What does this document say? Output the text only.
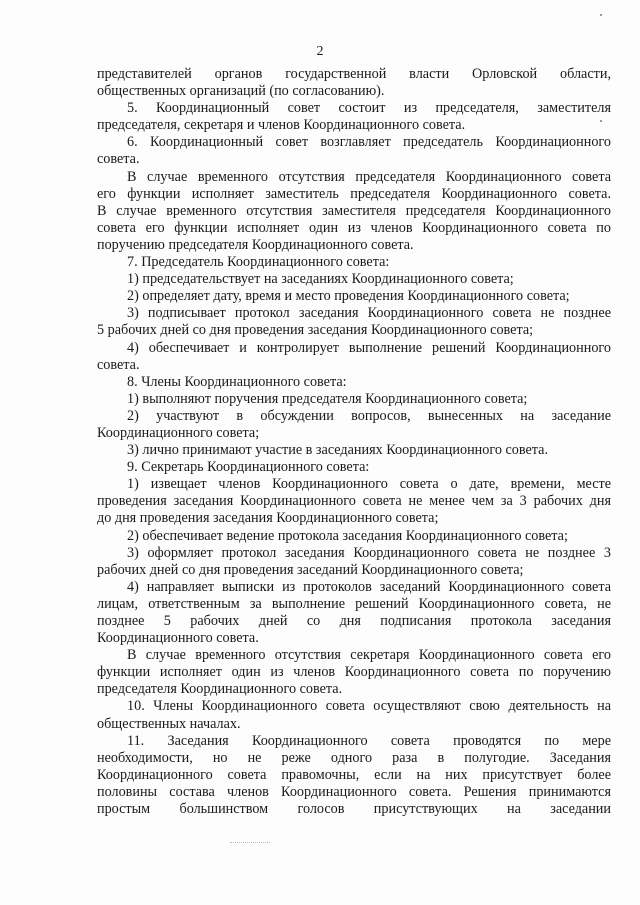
2
представителей органов государственной власти Орловской области,
общественных организаций (по согласованию).
5. Координационный совет состоит из председателя, заместителя
председателя, секретаря и членов Координационного совета.
6. Координационный совет возглавляет председатель Координационного
совета.
В случае временного отсутствия председателя Координационного совета
его функции исполняет заместитель председателя Координационного совета.
В случае временного отсутствия заместителя председателя Координационного
совета его функции исполняет один из членов Координационного совета по
поручению председателя Координационного совета.
7. Председатель Координационного совета:
1) председательствует на заседаниях Координационного совета;
2) определяет дату, время и место проведения Координационного совета;
3) подписывает протокол заседания Координационного совета не позднее
5 рабочих дней со дня проведения заседания Координационного совета;
4) обеспечивает и контролирует выполнение решений Координационного
совета.
8. Члены Координационного совета:
1) выполняют поручения председателя Координационного совета;
2) участвуют в обсуждении вопросов, вынесенных на заседание
Координационного совета;
3) лично принимают участие в заседаниях Координационного совета.
9. Секретарь Координационного совета:
1) извещает членов Координационного совета о дате, времени, месте
проведения заседания Координационного совета не менее чем за 3 рабочих дня
до дня проведения заседания Координационного совета;
2) обеспечивает ведение протокола заседания Координационного совета;
3) оформляет протокол заседания Координационного совета не позднее 3
рабочих дней со дня проведения заседаний Координационного совета;
4) направляет выписки из протоколов заседаний Координационного совета
лицам, ответственным за выполнение решений Координационного совета, не
позднее 5 рабочих дней со дня подписания протокола заседания
Координационного совета.
В случае временного отсутствия секретаря Координационного совета его
функции исполняет один из членов Координационного совета по поручению
председателя Координационного совета.
10. Члены Координационного совета осуществляют свою деятельность на
общественных началах.
11. Заседания Координационного совета проводятся по мере
необходимости, но не реже одного раза в полугодие. Заседания
Координационного совета правомочны, если на них присутствует более
половины состава членов Координационного совета. Решения принимаются
простым большинством голосов присутствующих на заседании
